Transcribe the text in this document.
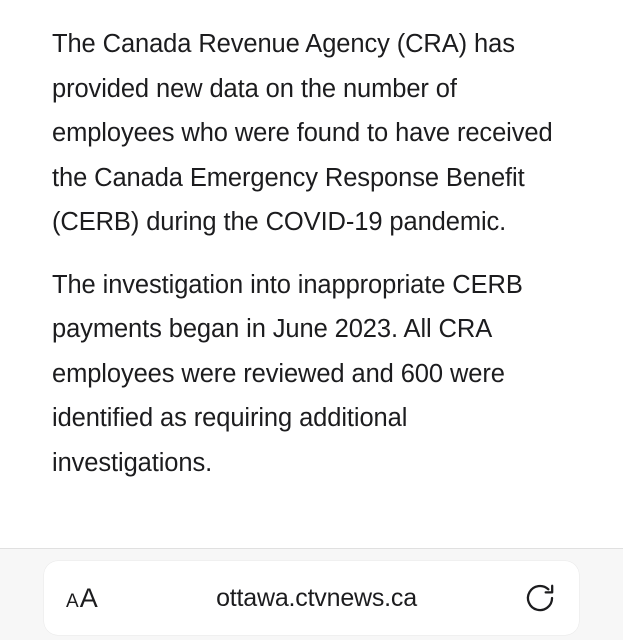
The Canada Revenue Agency (CRA) has provided new data on the number of employees who were found to have received the Canada Emergency Response Benefit (CERB) during the COVID-19 pandemic.

The investigation into inappropriate CERB payments began in June 2023. All CRA employees were reviewed and 600 were identified as requiring additional investigations.

A A	ottawa.ctvnews.ca
